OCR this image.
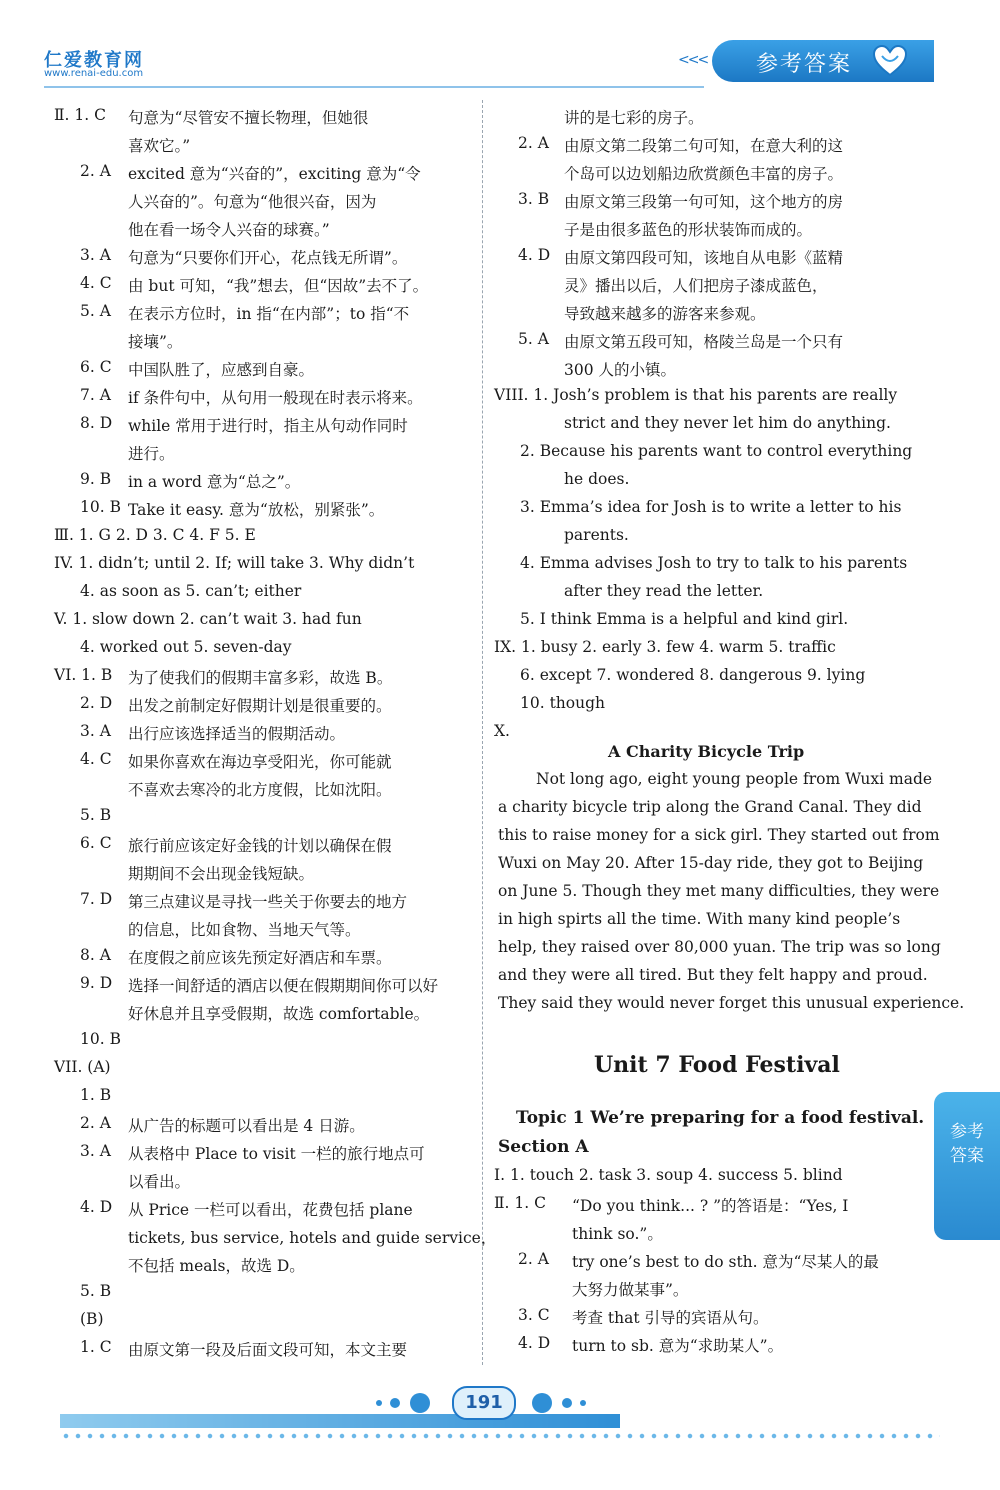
仁爱教育网
www.renai-edu.com
<<< 参考答案
Ⅱ. 1. C 句意为“尽管安不擅长物理，但她很
喜欢它。”
2. A excited 意为“兴奋的”，exciting 意为“令
人兴奋的”。句意为“他很兴奋，因为
他在看一场令人兴奋的球赛。”
3. A 句意为“只要你们开心，花点钱无所谓”。
4. C 由 but 可知，“我”想去，但“因故”去不了。
5. A 在表示方位时，in 指“在内部”；to 指“不
接壤”。
6. C 中国队胜了，应感到自豪。
7. A if 条件句中，从句用一般现在时表示将来。
8. D while 常用于进行时，指主从句动作同时
进行。
9. B in a word 意为“总之”。
10. B Take it easy. 意为“放松，别紧张”。
Ⅲ. 1. G 2. D 3. C 4. F 5. E
IV. 1. didn’t; until 2. If; will take 3. Why didn’t
4. as soon as 5. can’t; either
V. 1. slow down 2. can’t wait 3. had fun
4. worked out 5. seven-day
VI. 1. B 为了使我们的假期丰富多彩，故选 B。
2. D 出发之前制定好假期计划是很重要的。
3. A 出行应该选择适当的假期活动。
4. C 如果你喜欢在海边享受阳光，你可能就
不喜欢去寒冷的北方度假，比如沈阳。
5. B
6. C 旅行前应该定好金钱的计划以确保在假
期期间不会出现金钱短缺。
7. D 第三点建议是寻找一些关于你要去的地方
的信息，比如食物、当地天气等。
8. A 在度假之前应该先预定好酒店和车票。
9. D 选择一间舒适的酒店以便在假期期间你可以好
好休息并且享受假期，故选 comfortable。
10. B
VII. (A)
1. B
2. A 从广告的标题可以看出是 4 日游。
3. A 从表格中 Place to visit 一栏的旅行地点可
以看出。
4. D 从 Price 一栏可以看出，花费包括 plane
tickets, bus service, hotels and guide service，
不包括 meals，故选 D。
5. B
(B)
1. C 由原文第一段及后面文段可知，本文主要
讲的是七彩的房子。
2. A 由原文第二段第二句可知，在意大利的这
个岛可以边划船边欣赏颜色丰富的房子。
3. B 由原文第三段第一句可知，这个地方的房
子是由很多蓝色的形状装饰而成的。
4. D 由原文第四段可知，该地自从电影《蓝精
灵》播出以后，人们把房子漆成蓝色，
导致越来越多的游客来参观。
5. A 由原文第五段可知，格陵兰岛是一个只有
300 人的小镇。
VIII. 1. Josh’s problem is that his parents are really
strict and they never let him do anything.
2. Because his parents want to control everything
he does.
3. Emma’s idea for Josh is to write a letter to his
parents.
4. Emma advises Josh to try to talk to his parents
after they read the letter.
5. I think Emma is a helpful and kind girl.
IX. 1. busy 2. early 3. few 4. warm 5. traffic
6. except 7. wondered 8. dangerous 9. lying
10. though
X.
A Charity Bicycle Trip
Not long ago, eight young people from Wuxi made
a charity bicycle trip along the Grand Canal. They did
this to raise money for a sick girl. They started out from
Wuxi on May 20. After 15-day ride, they got to Beijing
on June 5. Though they met many difficulties, they were
in high spirts all the time. With many kind people’s
help, they raised over 80,000 yuan. The trip was so long
and they were all tired. But they felt happy and proud.
They said they would never forget this unusual experience.
Unit 7 Food Festival
Topic 1 We’re preparing for a food festival.
Section A
Ⅰ. 1. touch 2. task 3. soup 4. success 5. blind
Ⅱ. 1. C “Do you think... ? ”的答语是：“Yes, I
think so.”。
2. A try one’s best to do sth. 意为“尽某人的最
大努力做某事”。
3. C 考查 that 引导的宾语从句。
4. D turn to sb. 意为“求助某人”。
参考答案
191
